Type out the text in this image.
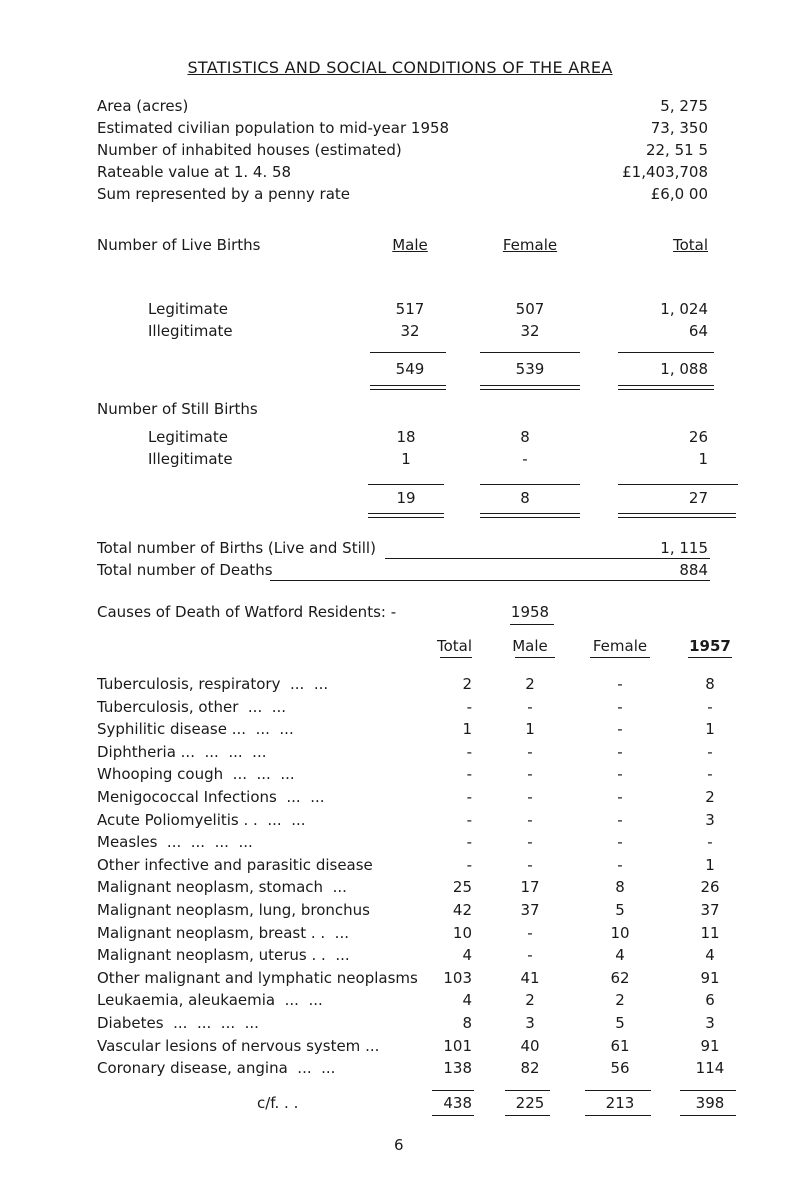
STATISTICS AND SOCIAL CONDITIONS OF THE AREA
Area (acres)	5, 275
Estimated civilian population to mid-year 1958	73, 350
Number of inhabited houses (estimated)	22, 51 5
Rateable value at 1. 4. 58	£1,403,708
Sum represented by a penny rate	£6,0 00
Number of Live Births	Male	Female	Total
Legitimate	517	507	1, 024
Illegitimate	32	32	64
549	539	1, 088
Number of Still Births
Legitimate	18	8	26
Illegitimate	1	-	1
19	8	27
Total number of Births (Live and Still)	1, 115
Total number of Deaths	884
Causes of Death of Watford Residents: -	1958
Total	Male	Female	1957
Tuberculosis, respiratory  ...  ...	2	2	-	8
Tuberculosis, other  ...  ...	-	-	-	-
Syphilitic disease ...  ...  ...	1	1	-	1
Diphtheria ...  ...  ...  ...	-	-	-	-
Whooping cough  ...  ...  ...	-	-	-	-
Menigococcal Infections  ...  ...	-	-	-	2
Acute Poliomyelitis . .  ...  ...	-	-	-	3
Measles  ...  ...  ...  ...	-	-	-	-
Other infective and parasitic disease	-	-	-	1
Malignant neoplasm, stomach  ...	25	17	8	26
Malignant neoplasm, lung, bronchus	42	37	5	37
Malignant neoplasm, breast . .  ...	10	-	10	11
Malignant neoplasm, uterus . .  ...	4	-	4	4
Other malignant and lymphatic neoplasms	103	41	62	91
Leukaemia, aleukaemia  ...  ...	4	2	2	6
Diabetes  ...  ...  ...  ...	8	3	5	3
Vascular lesions of nervous system ...	101	40	61	91
Coronary disease, angina  ...  ...	138	82	56	114
c/f. . .	438	225	213	398
6
